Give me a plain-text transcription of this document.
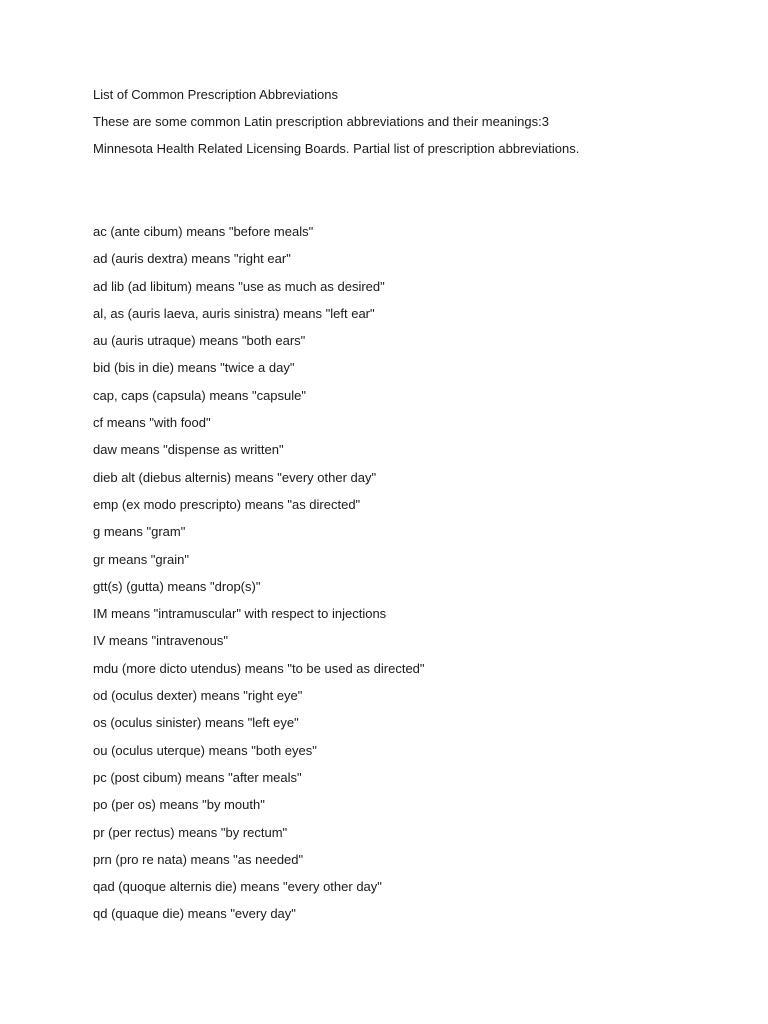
List of Common Prescription Abbreviations
These are some common Latin prescription abbreviations and their meanings:3
Minnesota Health Related Licensing Boards. Partial list of prescription abbreviations.
ac (ante cibum) means "before meals"
ad (auris dextra) means "right ear"
ad lib (ad libitum) means "use as much as desired"
al, as (auris laeva, auris sinistra) means "left ear"
au (auris utraque) means "both ears"
bid (bis in die) means "twice a day"
cap, caps (capsula) means "capsule"
cf means "with food"
daw means "dispense as written"
dieb alt (diebus alternis) means "every other day"
emp (ex modo prescripto) means "as directed"
g means "gram"
gr means "grain"
gtt(s) (gutta) means "drop(s)"
IM means "intramuscular" with respect to injections
IV means "intravenous"
mdu (more dicto utendus) means "to be used as directed"
od (oculus dexter) means "right eye"
os (oculus sinister) means "left eye"
ou (oculus uterque) means "both eyes"
pc (post cibum) means "after meals"
po (per os) means "by mouth"
pr (per rectus) means "by rectum"
prn (pro re nata) means "as needed"
qad (quoque alternis die) means "every other day"
qd (quaque die) means "every day"
